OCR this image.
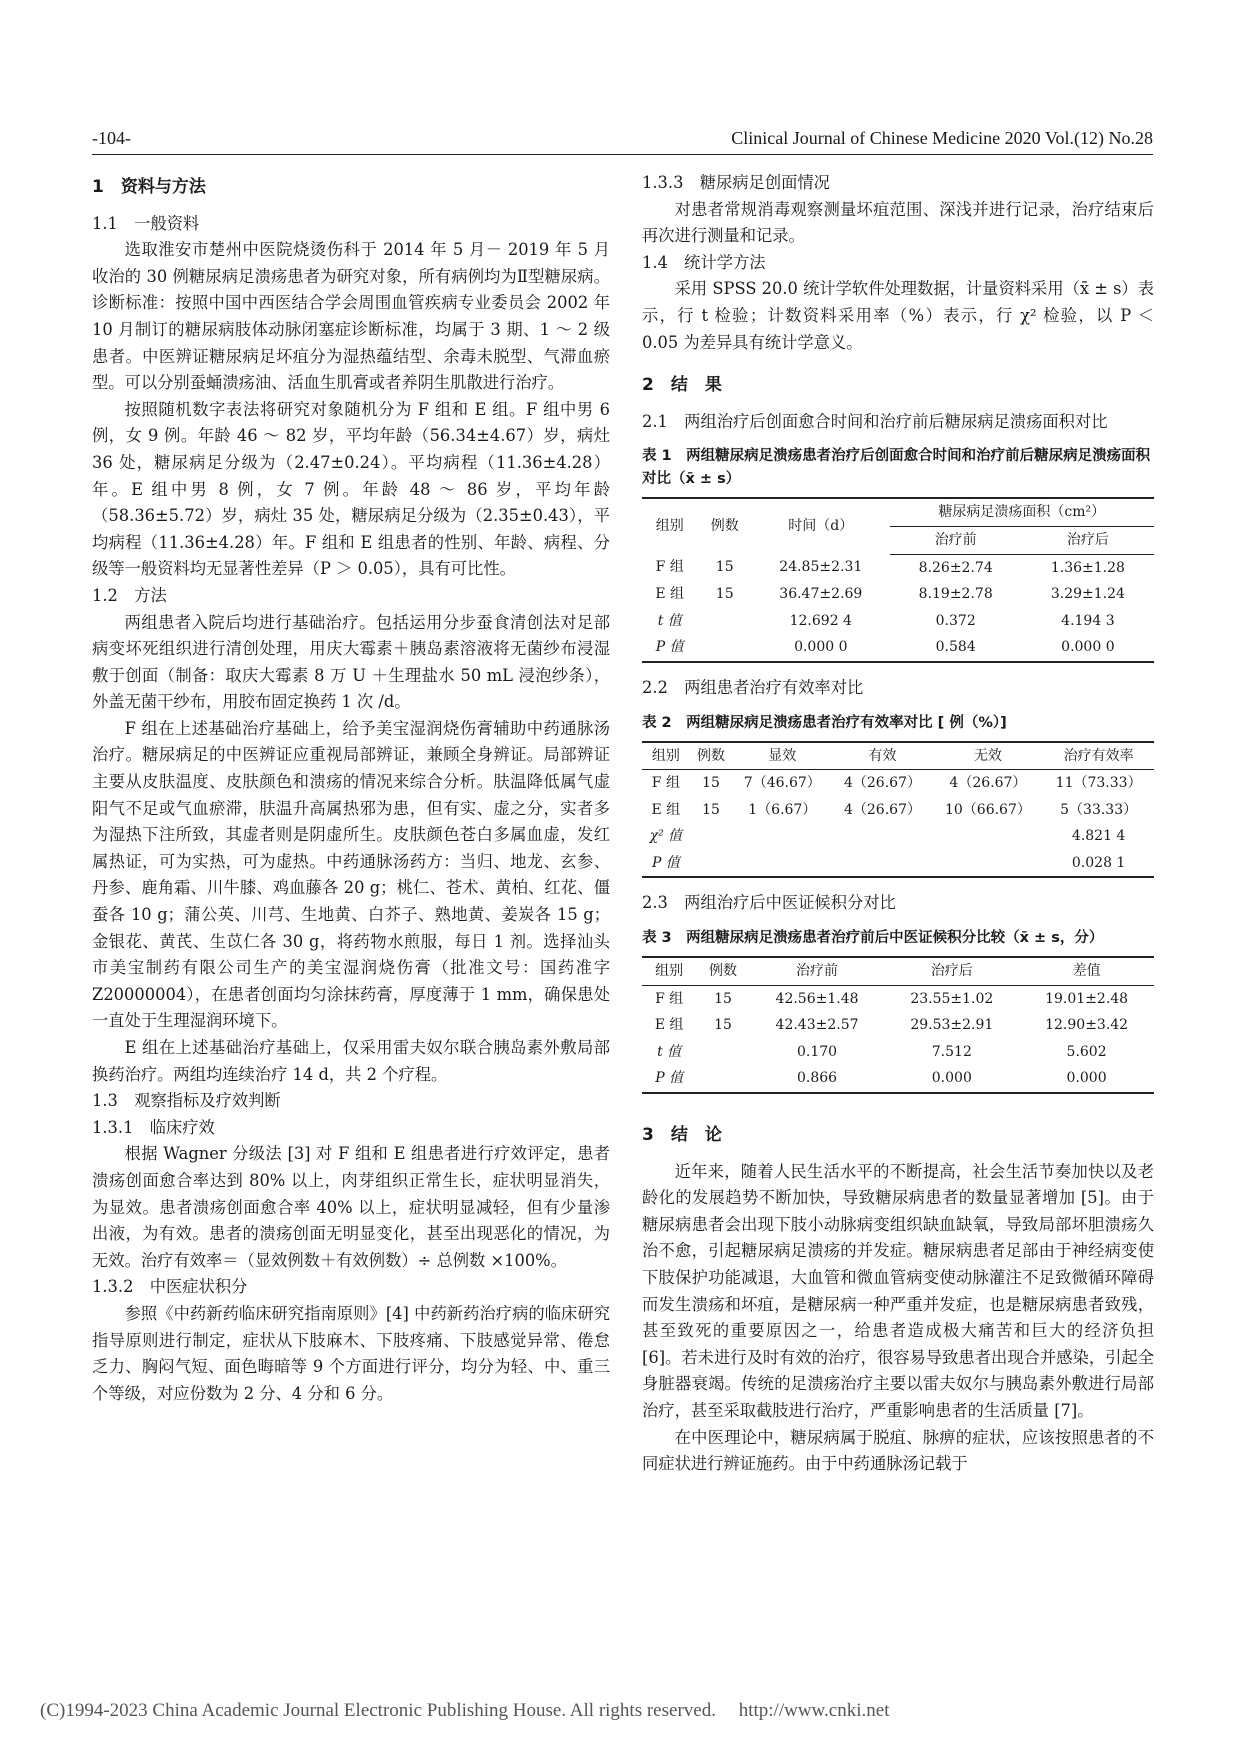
-104-	Clinical Journal of Chinese Medicine 2020 Vol.(12) No.28
1　资料与方法

1.1　一般资料

选取淮安市楚州中医院烧烫伤科于 2014 年 5 月－ 2019 年 5 月收治的 30 例糖尿病足溃疡患者为研究对象，所有病例均为Ⅱ型糖尿病。诊断标准：按照中国中西医结合学会周围血管疾病专业委员会 2002 年 10 月制订的糖尿病肢体动脉闭塞症诊断标准，均属于 3 期、1 ～ 2 级患者。中医辨证糖尿病足坏疽分为湿热蕴结型、余毒未脱型、气滞血瘀型。可以分别蚕蛹溃疡油、活血生肌膏或者养阴生肌散进行治疗。

按照随机数字表法将研究对象随机分为 F 组和 E 组。F 组中男 6 例，女 9 例。年龄 46 ～ 82 岁，平均年龄（56.34±4.67）岁，病灶 36 处，糖尿病足分级为（2.47±0.24）。平均病程（11.36±4.28）年。E 组中男 8 例，女 7 例。年龄 48 ～ 86 岁，平均年龄（58.36±5.72）岁，病灶 35 处，糖尿病足分级为（2.35±0.43），平均病程（11.36±4.28）年。F 组和 E 组患者的性别、年龄、病程、分级等一般资料均无显著性差异（P ＞ 0.05），具有可比性。

1.2　方法

两组患者入院后均进行基础治疗。包括运用分步蚕食清创法对足部病变坏死组织进行清创处理，用庆大霉素＋胰岛素溶液将无菌纱布浸湿敷于创面（制备：取庆大霉素 8 万 U ＋生理盐水 50 mL 浸泡纱条），外盖无菌干纱布，用胶布固定换药 1 次 /d。

F 组在上述基础治疗基础上，给予美宝湿润烧伤膏辅助中药通脉汤治疗。糖尿病足的中医辨证应重视局部辨证，兼顾全身辨证。局部辨证主要从皮肤温度、皮肤颜色和溃疡的情况来综合分析。肤温降低属气虚阳气不足或气血瘀滞，肤温升高属热邪为患，但有实、虚之分，实者多为湿热下注所致，其虚者则是阴虚所生。皮肤颜色苍白多属血虚，发红属热证，可为实热，可为虚热。中药通脉汤药方：当归、地龙、玄参、丹参、鹿角霜、川牛膝、鸡血藤各 20 g；桃仁、苍术、黄柏、红花、僵蚕各 10 g；蒲公英、川芎、生地黄、白芥子、熟地黄、姜炭各 15 g；金银花、黄芪、生苡仁各 30 g，将药物水煎服，每日 1 剂。选择汕头市美宝制药有限公司生产的美宝湿润烧伤膏（批准文号：国药准字 Z20000004），在患者创面均匀涂抹药膏，厚度薄于 1 mm，确保患处一直处于生理湿润环境下。

E 组在上述基础治疗基础上，仅采用雷夫奴尔联合胰岛素外敷局部换药治疗。两组均连续治疗 14 d，共 2 个疗程。

1.3　观察指标及疗效判断

1.3.1　临床疗效

根据 Wagner 分级法 [3] 对 F 组和 E 组患者进行疗效评定，患者溃疡创面愈合率达到 80% 以上，肉芽组织正常生长，症状明显消失，为显效。患者溃疡创面愈合率 40% 以上，症状明显减轻，但有少量渗出液，为有效。患者的溃疡创面无明显变化，甚至出现恶化的情况，为无效。治疗有效率＝（显效例数＋有效例数）÷ 总例数 ×100%。

1.3.2　中医症状积分

参照《中药新药临床研究指南原则》[4] 中药新药治疗病的临床研究指导原则进行制定，症状从下肢麻木、下肢疼痛、下肢感觉异常、倦怠乏力、胸闷气短、面色晦暗等 9 个方面进行评分，均分为轻、中、重三个等级，对应份数为 2 分、4 分和 6 分。

1.3.3　糖尿病足创面情况

对患者常规消毒观察测量坏疽范围、深浅并进行记录，治疗结束后再次进行测量和记录。

1.4　统计学方法

采用 SPSS 20.0 统计学软件处理数据，计量资料采用（x̄ ± s）表示，行 t 检验；计数资料采用率（%）表示，行 χ² 检验，以 P ＜ 0.05 为差异具有统计学意义。

2　结　果

2.1　两组治疗后创面愈合时间和治疗前后糖尿病足溃疡面积对比

表 1　两组糖尿病足溃疡患者治疗后创面愈合时间和治疗前后糖尿病足溃疡面积对比（x̄ ± s）
组别	例数	时间（d）	糖尿病足溃疡面积（cm²）	
			治疗前	治疗后
F 组	15	24.85±2.31	8.26±2.74	1.36±1.28
E 组	15	36.47±2.69	8.19±2.78	3.29±1.24
t 值		12.692 4	0.372	4.194 3
P 值		0.000 0	0.584	0.000 0

2.2　两组患者治疗有效率对比

表 2　两组糖尿病足溃疡患者治疗有效率对比 [ 例（%）]
组别	例数	显效	有效	无效	治疗有效率
F 组	15	7（46.67）	4（26.67）	4（26.67）	11（73.33）
E 组	15	1（6.67）	4（26.67）	10（66.67）	5（33.33）
χ² 值					4.821 4
P 值					0.028 1

2.3　两组治疗后中医证候积分对比

表 3　两组糖尿病足溃疡患者治疗前后中医证候积分比较（x̄ ± s，分）
组别	例数	治疗前	治疗后	差值
F 组	15	42.56±1.48	23.55±1.02	19.01±2.48
E 组	15	42.43±2.57	29.53±2.91	12.90±3.42
t 值		0.170	7.512	5.602
P 值		0.866	0.000	0.000
3　结　论

近年来，随着人民生活水平的不断提高，社会生活节奏加快以及老龄化的发展趋势不断加快，导致糖尿病患者的数量显著增加 [5]。由于糖尿病患者会出现下肢小动脉病变组织缺血缺氧，导致局部坏胆溃疡久治不愈，引起糖尿病足溃疡的并发症。糖尿病患者足部由于神经病变使下肢保护功能减退，大血管和微血管病变使动脉灌注不足致微循环障碍而发生溃疡和坏疽，是糖尿病一种严重并发症，也是糖尿病患者致残，甚至致死的重要原因之一，给患者造成极大痛苦和巨大的经济负担 [6]。若未进行及时有效的治疗，很容易导致患者出现合并感染，引起全身脏器衰竭。传统的足溃疡治疗主要以雷夫奴尔与胰岛素外敷进行局部治疗，甚至采取截肢进行治疗，严重影响患者的生活质量 [7]。

在中医理论中，糖尿病属于脱疽、脉痹的症状，应该按照患者的不同症状进行辨证施药。由于中药通脉汤记载于

(C)1994-2023 China Academic Journal Electronic Publishing House. All rights reserved. http://www.cnki.net
